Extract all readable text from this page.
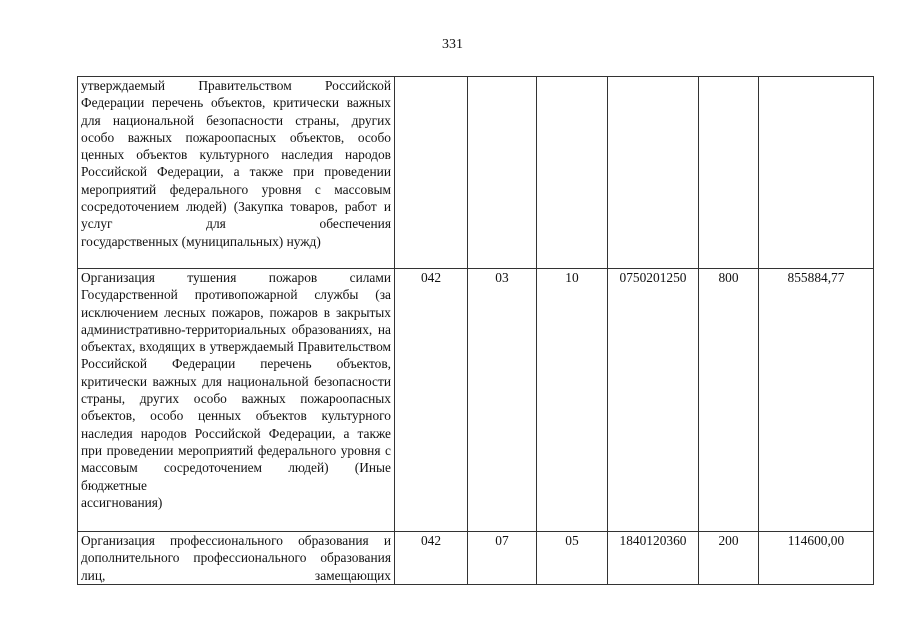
331
утверждаемый Правительством Российской Федерации перечень объектов, критически важных для национальной безопасности страны, других особо важных пожароопасных объектов, особо ценных объектов культурного наследия народов Российской Федерации, а также при проведении мероприятий федерального уровня с массовым сосредоточением людей) (Закупка товаров, работ и услуг для обеспечения
государственных (муниципальных) нужд)						

Организация тушения пожаров силами Государственной противопожарной службы (за исключением лесных пожаров, пожаров в закрытых административно-территориальных образованиях, на объектах, входящих в утверждаемый Правительством Российской Федерации перечень объектов, критически важных для национальной безопасности страны, других особо важных пожароопасных объектов, особо ценных объектов культурного наследия народов Российской Федерации, а также при проведении мероприятий федерального уровня с массовым сосредоточением людей) (Иные бюджетные
ассигнования)	042	03	10	0750201250	800	855884,77
Организация профессионального образования и дополнительного профессионального образования лиц, замещающих	042	07	05	1840120360	200	114600,00
